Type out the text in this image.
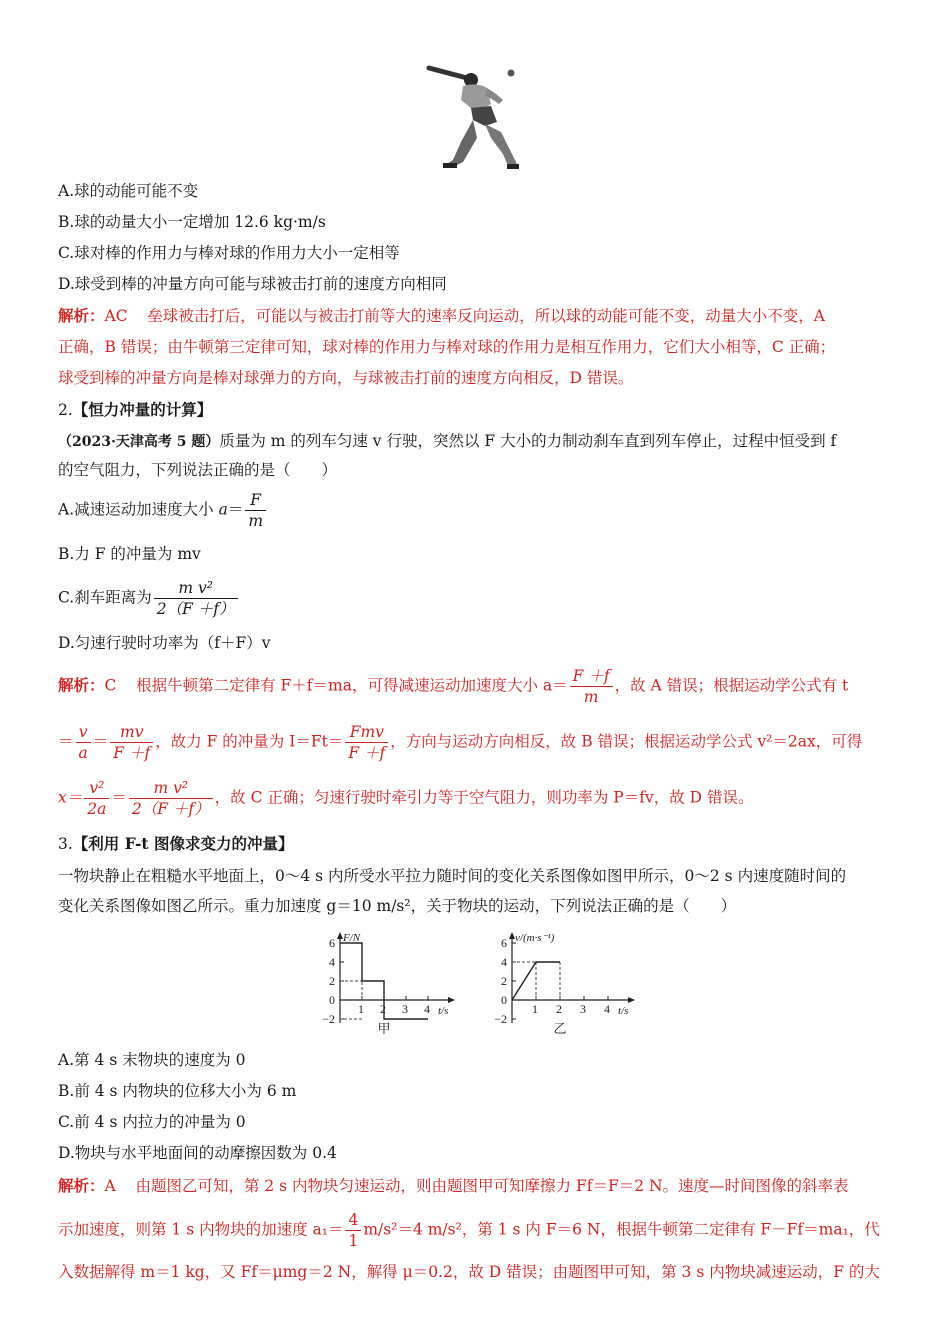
A.球的动能可能不变
B.球的动量大小一定增加 12.6 kg·m/s
C.球对棒的作用力与棒对球的作用力大小一定相等
D.球受到棒的冲量方向可能与球被击打前的速度方向相同
解析：AC 垒球被击打后，可能以与被击打前等大的速率反向运动，所以球的动能可能不变，动量大小不变，A
正确，B 错误；由牛顿第三定律可知，球对棒的作用力与棒对球的作用力是相互作用力，它们大小相等，C 正确；
球受到棒的冲量方向是棒对球弹力的方向，与球被击打前的速度方向相反，D 错误。
2.【恒力冲量的计算】
（2023·天津高考 5 题）质量为 m 的列车匀速 v 行驶，突然以 F 大小的力制动刹车直到列车停止，过程中恒受到 f
的空气阻力，下列说法正确的是（　　）
A.减速运动加速度大小 $a= \frac{F}{m}$
B.力 F 的冲量为 mv
C.刹车距离为 $\frac{\text{m v²}}{2(F +f)}$
D.匀速行驶时功率为（f＋F）v
解析：C 根据牛顿第二定律有 F＋f＝ma，可得减速运动加速度大小 $a= \frac{F +f}{m}$ ，故 A 错误；根据运动学公式有 t
＝ $\frac{v}{a} = \frac{mv}{F +f}$ ，故力 F 的冲量为 $I=Ft= \frac{\text{Fmv}}{F +f}$ ，方向与运动方向相反，故 B 错误；根据运动学公式 v²＝2ax，可得
$x= \frac{\text{v²}}{2a} = \frac{\text{m v²}}{2(F +f)}$ ，故 C 正确；匀速行驶时牵引力等于空气阻力，则功率为 P＝fv，故 D 错误。
3.【利用 F-t 图像求变力的冲量】
一物块静止在粗糙水平地面上，0～4 s 内所受水平拉力随时间的变化关系图像如图甲所示，0～2 s 内速度随时间的
变化关系图像如图乙所示。重力加速度 g＝10 m/s²，关于物块的运动，下列说法正确的是（　　）
F/N
t/s
6
4
2
0
−2
1 2 3 4
甲
v/(m·s⁻¹)
t/s
6
4
2
0
−2
1 2 3 4
乙
A.第 4 s 末物块的速度为 0
B.前 4 s 内物块的位移大小为 6 m
C.前 4 s 内拉力的冲量为 0
D.物块与水平地面间的动摩擦因数为 0.4
解析：A 由题图乙可知，第 2 s 内物块匀速运动，则由题图甲可知摩擦力 Ff＝F＝2 N。速度—时间图像的斜率表
示加速度，则第 1 s 内物块的加速度 $a_1= \frac{4}{1} m/s^2=4$ m/s²，第 1 s 内 F＝6 N，根据牛顿第二定律有 F－Ff＝ma₁，代
入数据解得 m＝1 kg，又 Ff＝μmg＝2 N，解得 μ＝0.2，故 D 错误；由题图甲可知，第 3 s 内物块减速运动，F 的大
